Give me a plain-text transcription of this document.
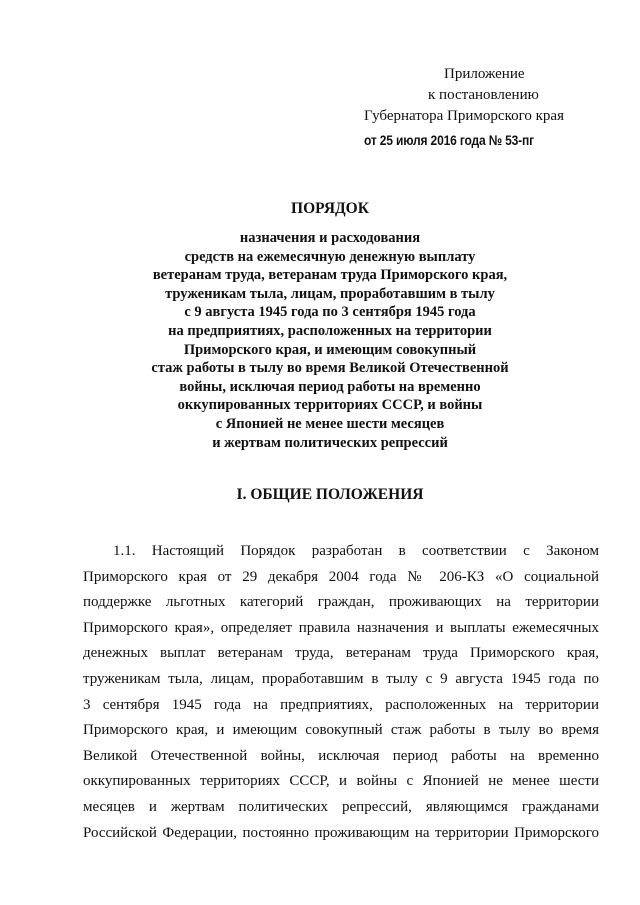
Приложение
к постановлению
Губернатора Приморского края
от 25 июля 2016 года № 53-пг
ПОРЯДОК
назначения и расходования
средств на ежемесячную денежную выплату
ветеранам труда, ветеранам труда Приморского края,
труженикам тыла, лицам, проработавшим в тылу
с 9 августа 1945 года по 3 сентября 1945 года
на предприятиях, расположенных на территории
Приморского края, и имеющим совокупный
стаж работы в тылу во время Великой Отечественной
войны, исключая период работы на временно
оккупированных территориях СССР, и войны
с Японией не менее шести месяцев
и жертвам политических репрессий
I. ОБЩИЕ ПОЛОЖЕНИЯ
1.1. Настоящий Порядок разработан в соответствии с Законом
Приморского края от 29 декабря 2004 года № 206-КЗ «О социальной
поддержке льготных категорий граждан, проживающих на территории
Приморского края», определяет правила назначения и выплаты ежемесячных
денежных выплат ветеранам труда, ветеранам труда Приморского края,
труженикам тыла, лицам, проработавшим в тылу с 9 августа 1945 года по
3 сентября 1945 года на предприятиях, расположенных на территории
Приморского края, и имеющим совокупный стаж работы в тылу во время
Великой Отечественной войны, исключая период работы на временно
оккупированных территориях СССР, и войны с Японией не менее шести
месяцев и жертвам политических репрессий, являющимся гражданами
Российской Федерации, постоянно проживающим на территории Приморского
